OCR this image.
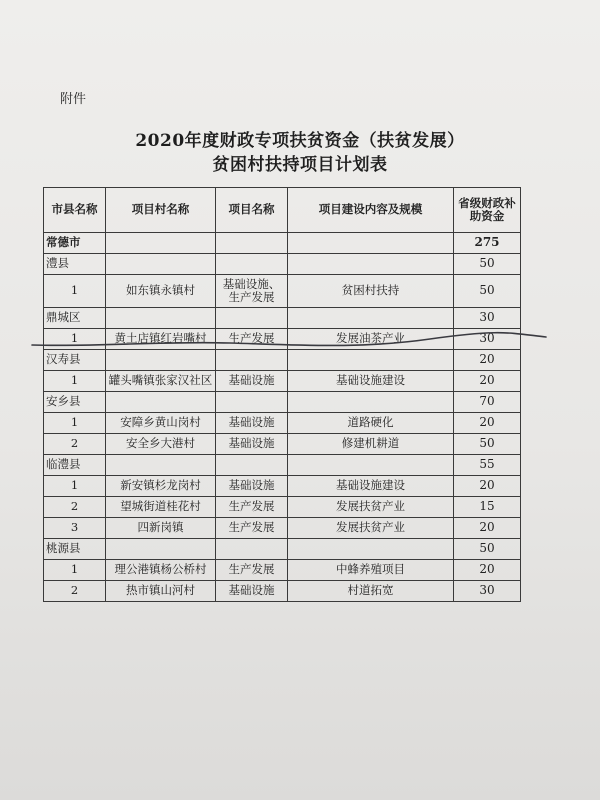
附件
2020年度财政专项扶贫资金（扶贫发展）
贫困村扶持项目计划表
市县名称	项目村名称	项目名称	项目建设内容及规模	省级财政补助资金
常德市				275
澧县				50
1	如东镇永镇村	基础设施、生产发展	贫困村扶持	50
鼎城区				30
1	黄土店镇红岩嘴村	生产发展	发展油茶产业	30
汉寿县				20
1	罐头嘴镇张家汉社区	基础设施	基础设施建设	20
安乡县				70
1	安障乡黄山岗村	基础设施	道路硬化	20
2	安全乡大港村	基础设施	修建机耕道	50
临澧县				55
1	新安镇杉龙岗村	基础设施	基础设施建设	20
2	望城街道桂花村	生产发展	发展扶贫产业	15
3	四新岗镇	生产发展	发展扶贫产业	20
桃源县				50
1	理公港镇杨公桥村	生产发展	中蜂养殖项目	20
2	热市镇山河村	基础设施	村道拓宽	30
